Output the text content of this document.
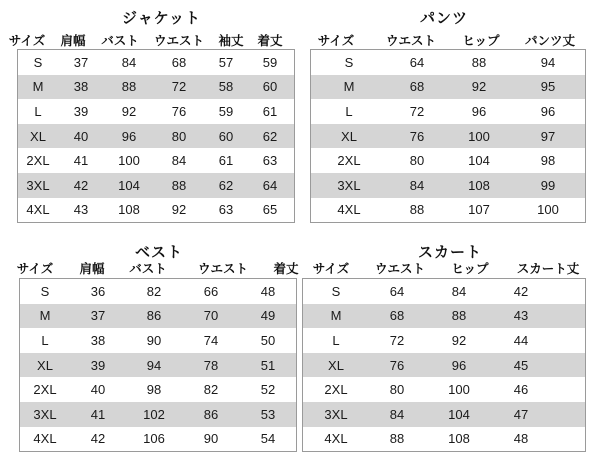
ジャケット
サイズ	肩幅	バスト	ウエスト	袖丈	着丈
S	37	84	68	57	59
M	38	88	72	58	60
L	39	92	76	59	61
XL	40	96	80	60	62
2XL	41	100	84	61	63
3XL	42	104	88	62	64
4XL	43	108	92	63	65
パンツ
サイズ	ウエスト	ヒップ	パンツ丈
S	64	88	94
M	68	92	95
L	72	96	96
XL	76	100	97
2XL	80	104	98
3XL	84	108	99
4XL	88	107	100
ベスト
サイズ	肩幅	バスト	ウエスト	着丈
S	36	82	66	48
M	37	86	70	49
L	38	90	74	50
XL	39	94	78	51
2XL	40	98	82	52
3XL	41	102	86	53
4XL	42	106	90	54
スカート
サイズ	ウエスト	ヒップ	スカート丈
S	64	84	42
M	68	88	43
L	72	92	44
XL	76	96	45
2XL	80	100	46
3XL	84	104	47
4XL	88	108	48
